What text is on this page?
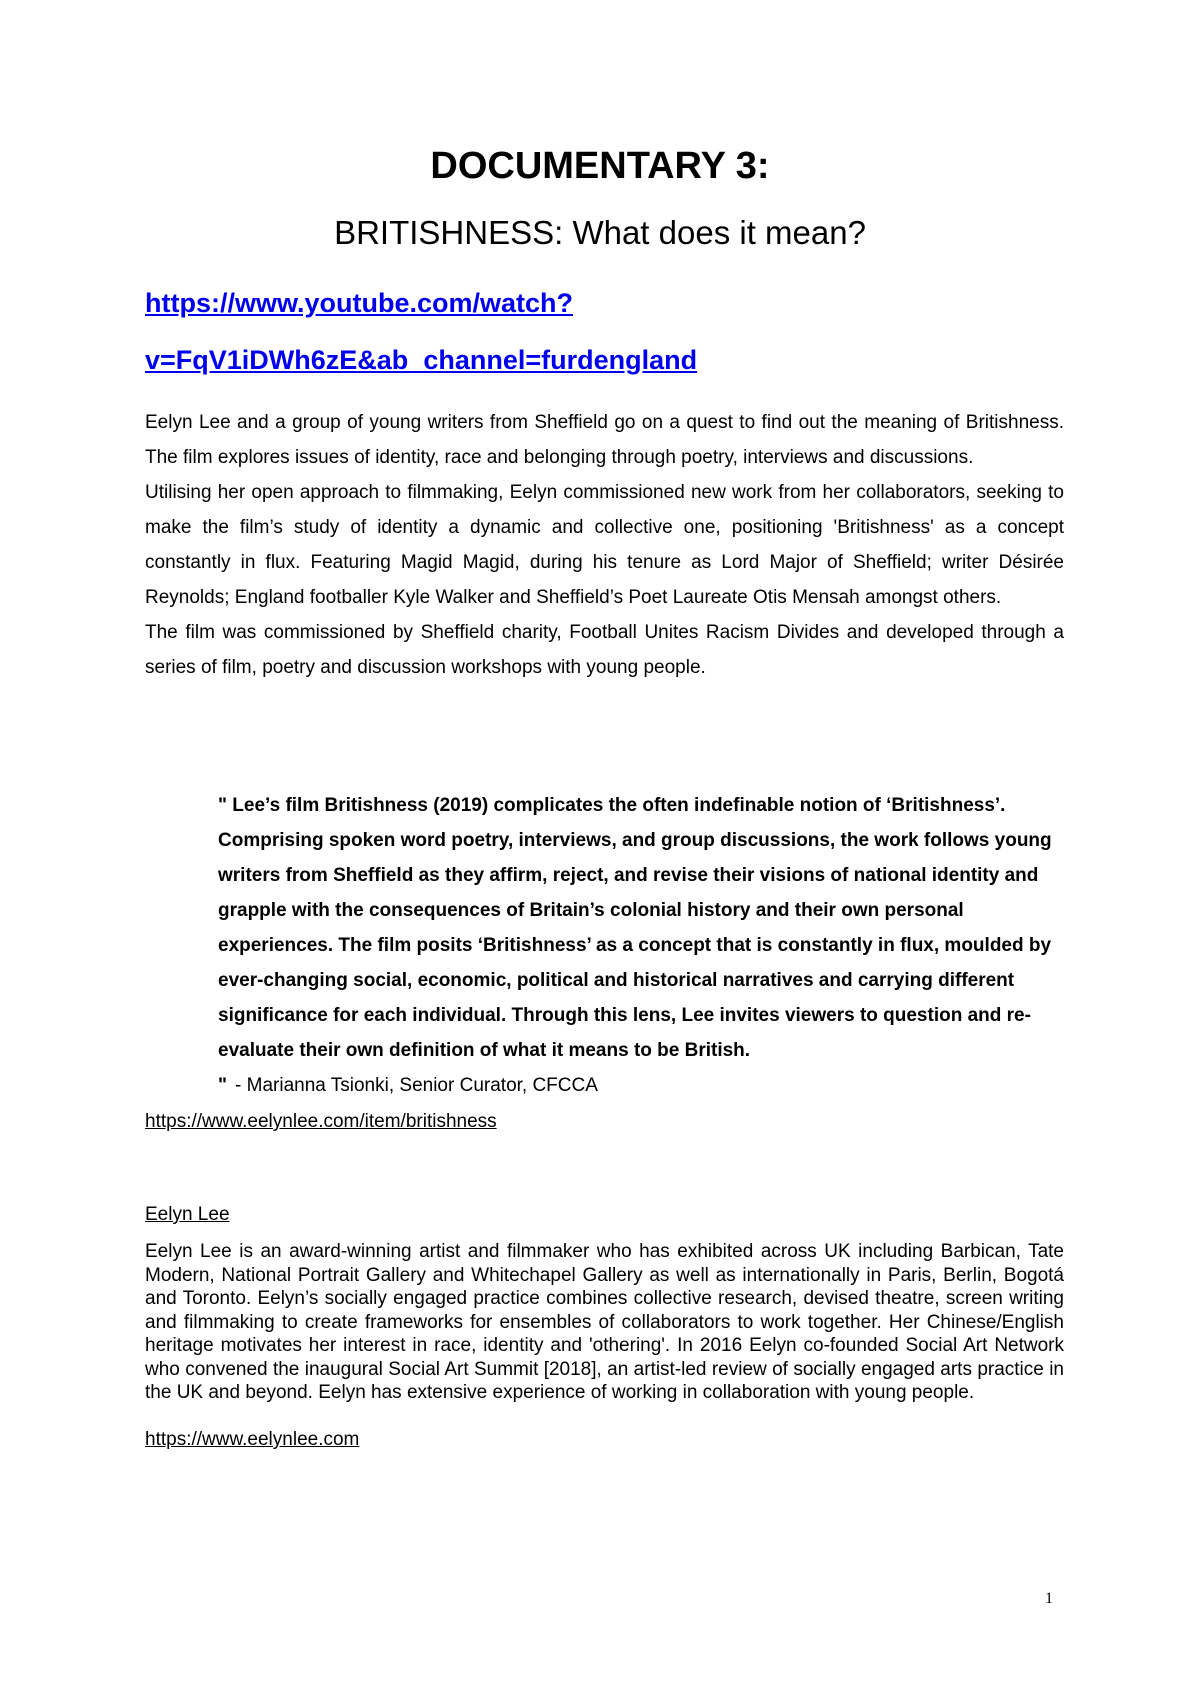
DOCUMENTARY 3:
BRITISHNESS: What does it mean?
https://www.youtube.com/watch?
v=FqV1iDWh6zE&ab_channel=furdengland

Eelyn Lee and a group of young writers from Sheffield go on a quest to find out the meaning of Britishness. The film explores issues of identity, race and belonging through poetry, interviews and discussions.

Utilising her open approach to filmmaking, Eelyn commissioned new work from her collaborators, seeking to make the film’s study of identity a dynamic and collective one, positioning 'Britishness' as a concept constantly in flux. Featuring Magid Magid, during his tenure as Lord Major of Sheffield; writer Désirée Reynolds; England footballer Kyle Walker and Sheffield’s Poet Laureate Otis Mensah amongst others.

The film was commissioned by Sheffield charity, Football Unites Racism Divides and developed through a series of film, poetry and discussion workshops with young people.

" Lee’s film Britishness (2019) complicates the often indefinable notion of ‘Britishness’. Comprising spoken word poetry, interviews, and group discussions, the work follows young writers from Sheffield as they affirm, reject, and revise their visions of national identity and grapple with the consequences of Britain’s colonial history and their own personal experiences. The film posits ‘Britishness’ as a concept that is constantly in flux, moulded by ever-changing social, economic, political and historical narratives and carrying different significance for each individual. Through this lens, Lee invites viewers to question and re-evaluate their own definition of what it means to be British.

" - Marianna Tsionki, Senior Curator, CFCCA

https://www.eelynlee.com/item/britishness
Eelyn Lee

Eelyn Lee is an award-winning artist and filmmaker who has exhibited across UK including Barbican, Tate Modern, National Portrait Gallery and Whitechapel Gallery as well as internationally in Paris, Berlin, Bogotá and Toronto. Eelyn’s socially engaged practice combines collective research, devised theatre, screen writing and filmmaking to create frameworks for ensembles of collaborators to work together. Her Chinese/English heritage motivates her interest in race, identity and 'othering'. In 2016 Eelyn co-founded Social Art Network who convened the inaugural Social Art Summit [2018], an artist-led review of socially engaged arts practice in the UK and beyond. Eelyn has extensive experience of working in collaboration with young people.

https://www.eelynlee.com
1
